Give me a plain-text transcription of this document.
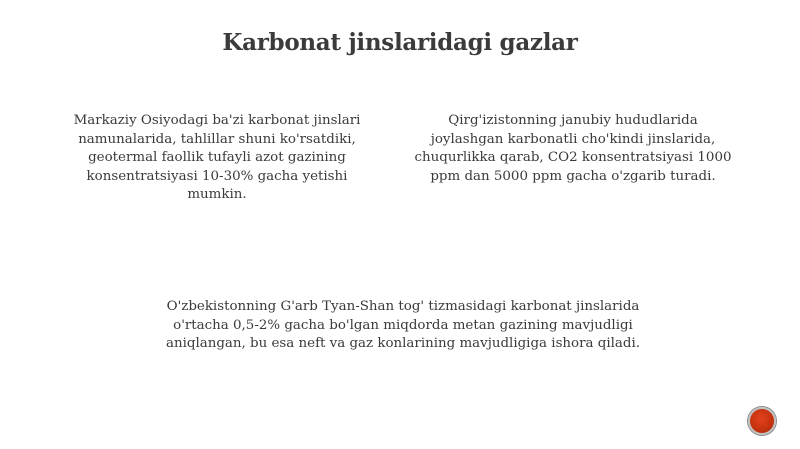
Karbonat jinslaridagi gazlar

Markaziy Osiyodagi ba'zi karbonat jinslari
namunalarida, tahlillar shuni ko'rsatdiki,
geotermal faollik tufayli azot gazining
konsentratsiyasi 10-30% gacha yetishi
mumkin.

Qirg'izistonning janubiy hududlarida
joylashgan karbonatli cho'kindi jinslarida,
chuqurlikka qarab, CO2 konsentratsiyasi 1000
ppm dan 5000 ppm gacha o'zgarib turadi.

O'zbekistonning G'arb Tyan-Shan tog' tizmasidagi karbonat jinslarida
o'rtacha 0,5-2% gacha bo'lgan miqdorda metan gazining mavjudligi
aniqlangan, bu esa neft va gaz konlarining mavjudligiga ishora qiladi.
